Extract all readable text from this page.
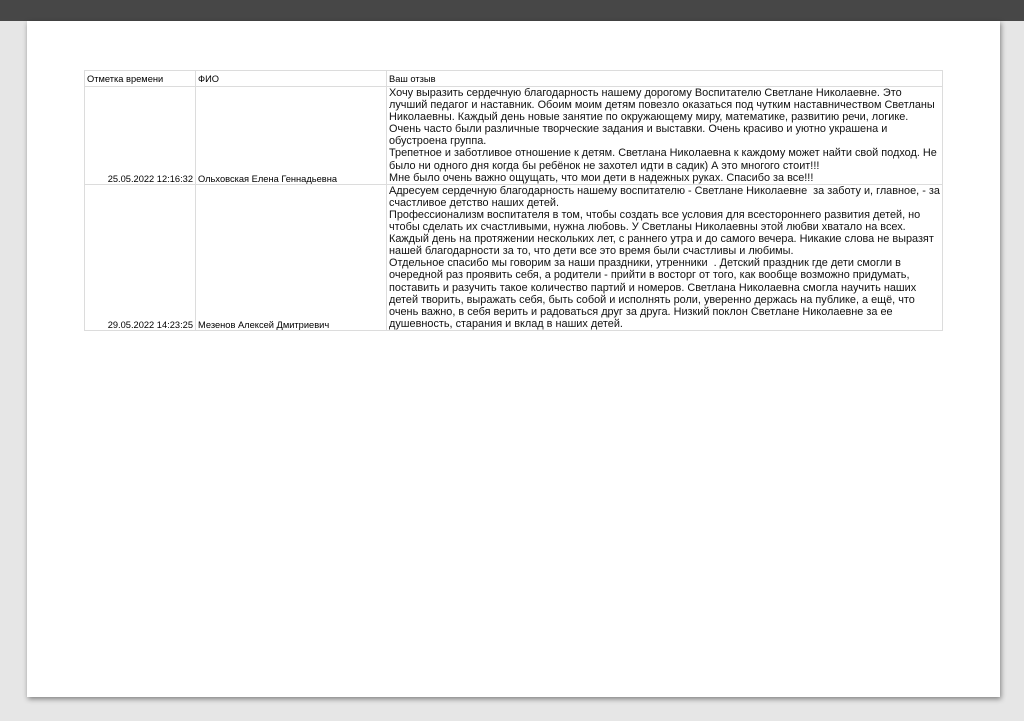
Отметка времени	ФИО	Ваш отзыв
25.05.2022 12:16:32	Ольховская Елена Геннадьевна	Хочу выразить сердечную благодарность нашему дорогому Воспитателю Светлане Николаевне. Это лучший педагог и наставник. Обоим моим детям повезло оказаться под чутким наставничеством Светланы Николаевны. Каждый день новые занятие по окружающему миру, математике, развитию речи, логике. Очень часто были различные творческие задания и выставки. Очень красиво и уютно украшена и обустроена группа.
Трепетное и заботливое отношение к детям. Светлана Николаевна к каждому может найти свой подход. Не было ни одного дня когда бы ребёнок не захотел идти в садик) А это многого стоит!!!
Мне было очень важно ощущать, что мои дети в надежных руках. Спасибо за все!!!
29.05.2022 14:23:25	Мезенов Алексей Дмитриевич	Адресуем сердечную благодарность нашему воспитателю - Светлане Николаевне  за заботу и, главное, - за счастливое детство наших детей.
Профессионализм воспитателя в том, чтобы создать все условия для всестороннего развития детей, но чтобы сделать их счастливыми, нужна любовь. У Светланы Николаевны этой любви хватало на всех. Каждый день на протяжении нескольких лет, с раннего утра и до самого вечера. Никакие слова не выразят нашей благодарности за то, что дети все это время были счастливы и любимы.
Отдельное спасибо мы говорим за наши праздники, утренники  . Детский праздник где дети смогли в очередной раз проявить себя, а родители - прийти в восторг от того, как вообще возможно придумать, поставить и разучить такое количество партий и номеров. Светлана Николаевна смогла научить наших детей творить, выражать себя, быть собой и исполнять роли, уверенно держась на публике, а ещё, что очень важно, в себя верить и радоваться друг за друга. Низкий поклон Светлане Николаевне за ее душевность, старания и вклад в наших детей.
